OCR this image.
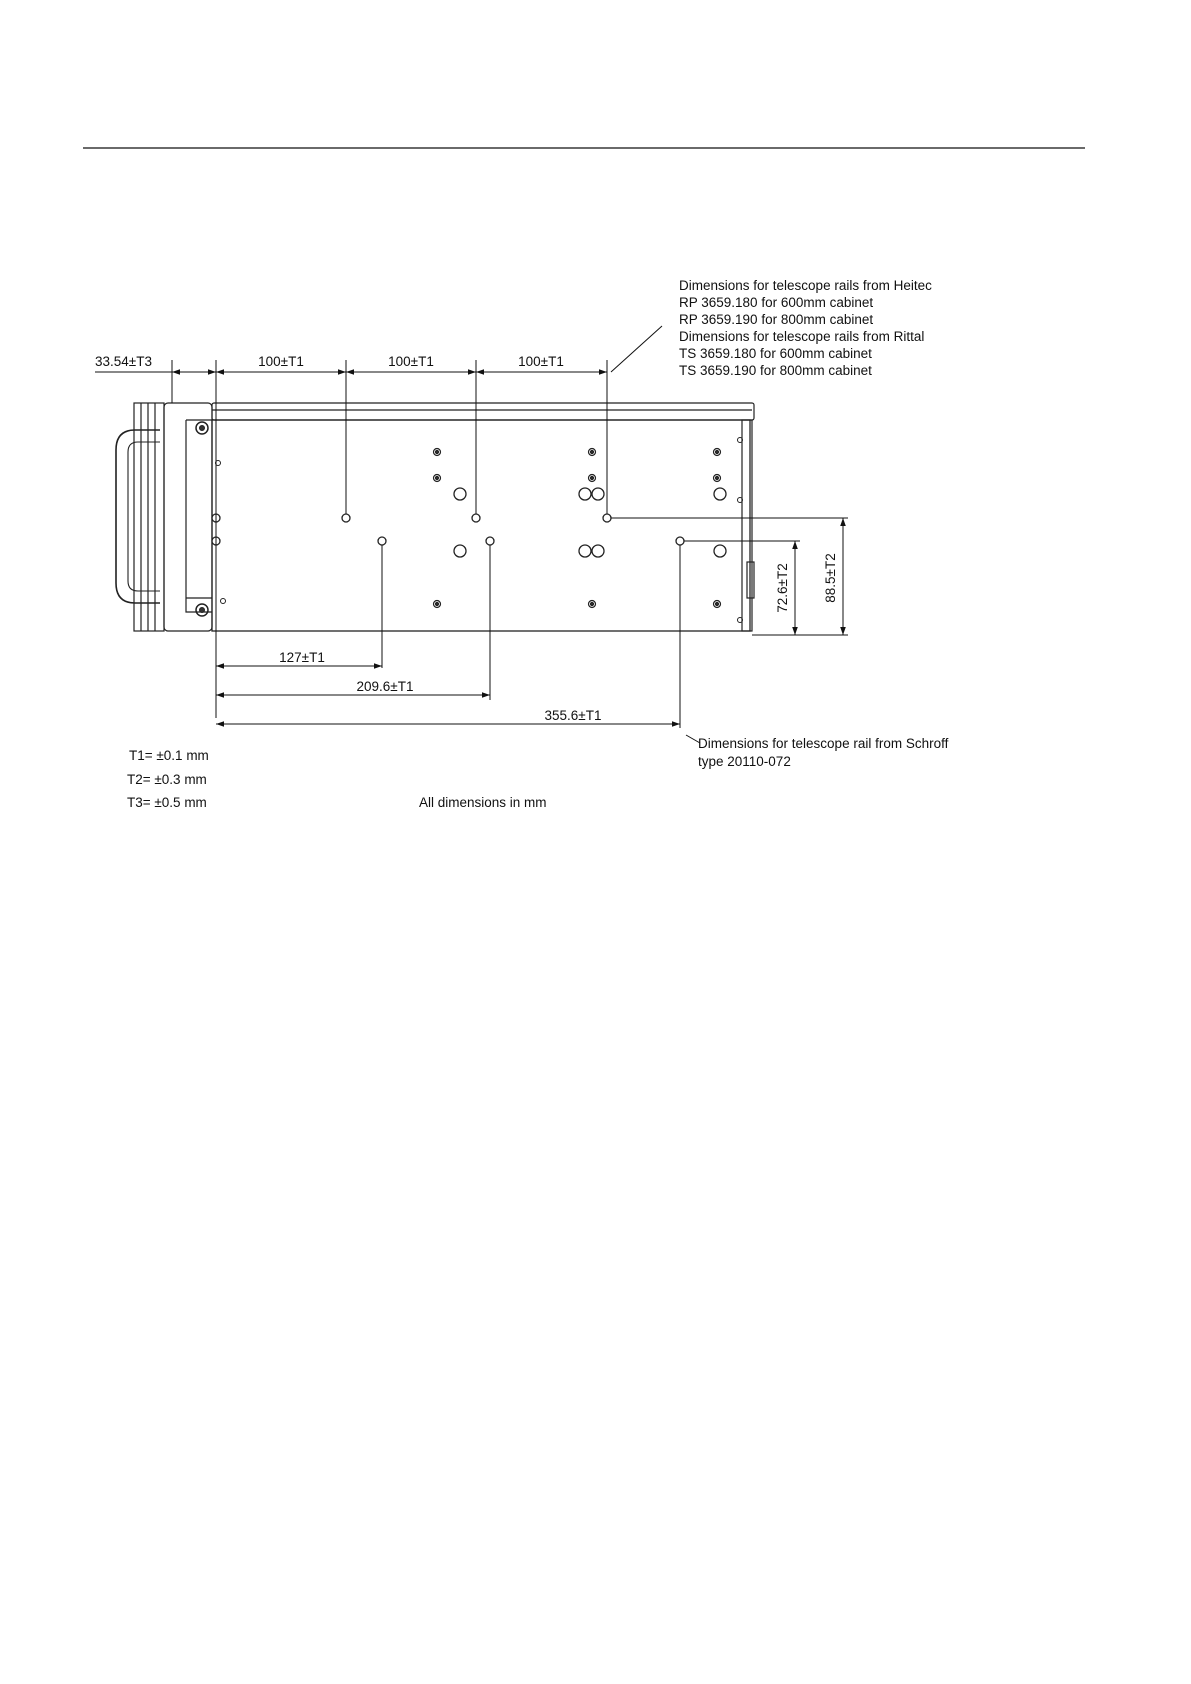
33.54±T3	100±T1	100±T1	100±T1
127±T1
209.6±T1
355.6±T1
72.6±T2 88.5±T2
Dimensions for telescope rails from Heitec
RP 3659.180 for 600mm cabinet
RP 3659.190 for 800mm cabinet
Dimensions for telescope rails from Rittal
TS 3659.180 for 600mm cabinet
TS 3659.190 for 800mm cabinet
Dimensions for telescope rail from Schroff
type 20110-072
T1= ±0.1 mm
T2= ±0.3 mm
T3= ±0.5 mm	All dimensions in mm
